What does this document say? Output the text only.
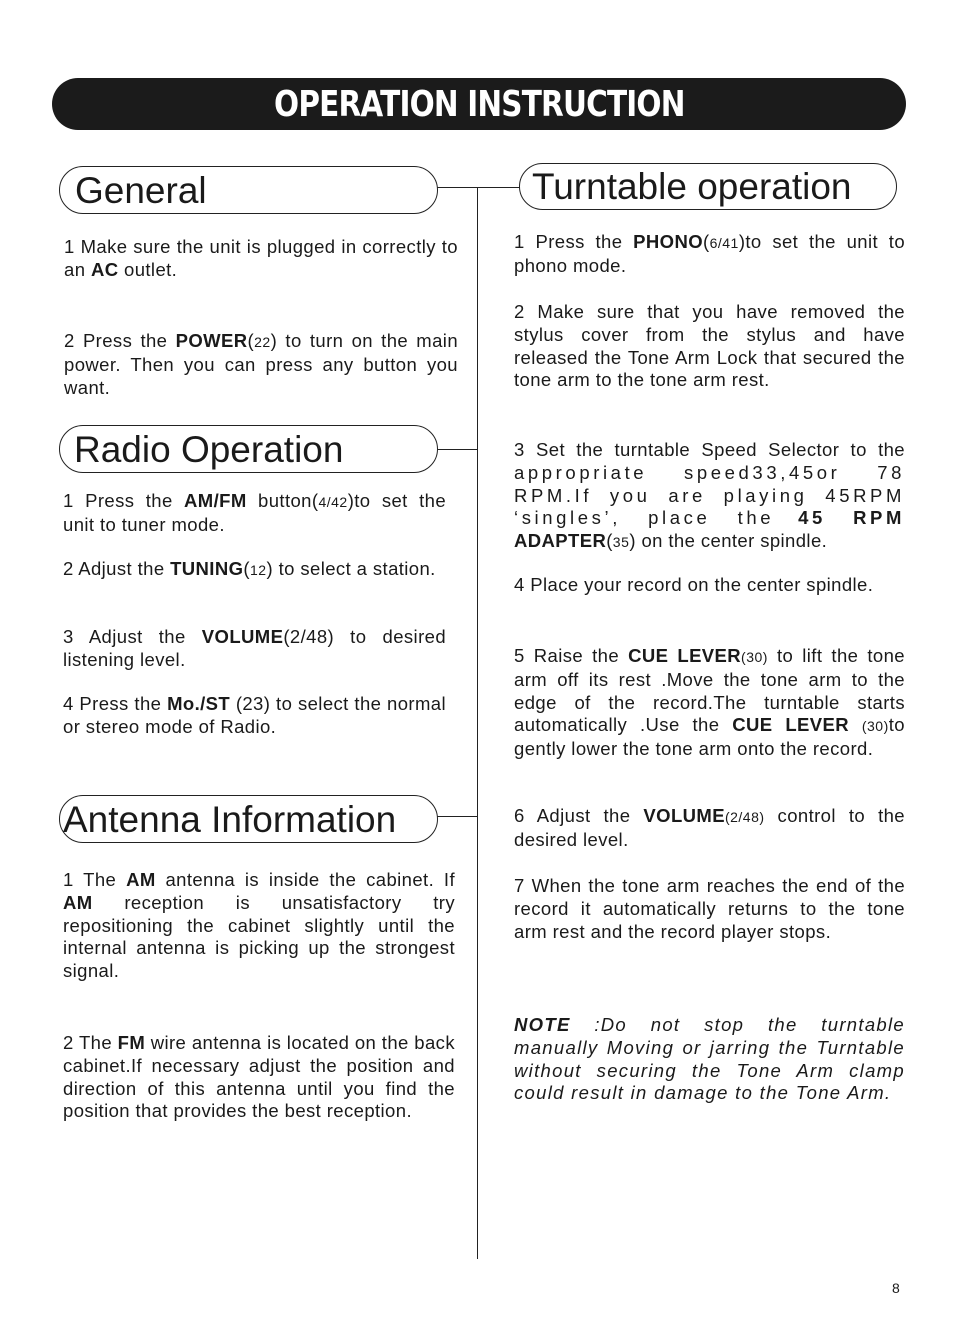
OPERATION INSTRUCTION
General
1 Make sure the unit is plugged in correctly to an AC outlet.
2 Press the POWER(22) to turn on the main power. Then you can press any button you want.
Radio Operation
1 Press the AM/FM button(4/42)to set the unit to tuner mode.
2 Adjust the TUNING(12) to select a station.
3 Adjust the VOLUME(2/48) to desired listening level.
4 Press the Mo./ST (23) to select the normal or stereo mode of Radio.
Antenna Information
1 The AM antenna is inside the cabinet. If AM reception is unsatisfactory try repositioning the cabinet slightly until the internal antenna is picking up the strongest signal.
2 The FM wire antenna is located on the back cabinet.If necessary adjust the position and direction of this antenna until you find the position that provides the best reception.
Turntable operation
1 Press the PHONO(6/41)to set the unit to phono mode.
2 Make sure that you have removed the stylus cover from the stylus and have released the Tone Arm Lock that secured the tone arm to the tone arm rest.
3 Set the turntable Speed Selector to the appropriate speed33,45or 78 RPM.If you are playing 45RPM ‘singles’, place the 45 RPM ADAPTER(35) on the center spindle.
4 Place your record on the center spindle.
5 Raise the CUE LEVER(30) to lift the tone arm off its rest .Move the tone arm to the edge of the record.The turntable starts automatically .Use the CUE LEVER (30)to gently lower the tone arm onto the record.
6 Adjust the VOLUME(2/48) control to the desired level.
7 When the tone arm reaches the end of the record it automatically returns to the tone arm rest and the record player stops.
NOTE :Do not stop the turntable manually Moving or jarring the Turntable without securing the Tone Arm clamp could result in damage to the Tone Arm.
8
